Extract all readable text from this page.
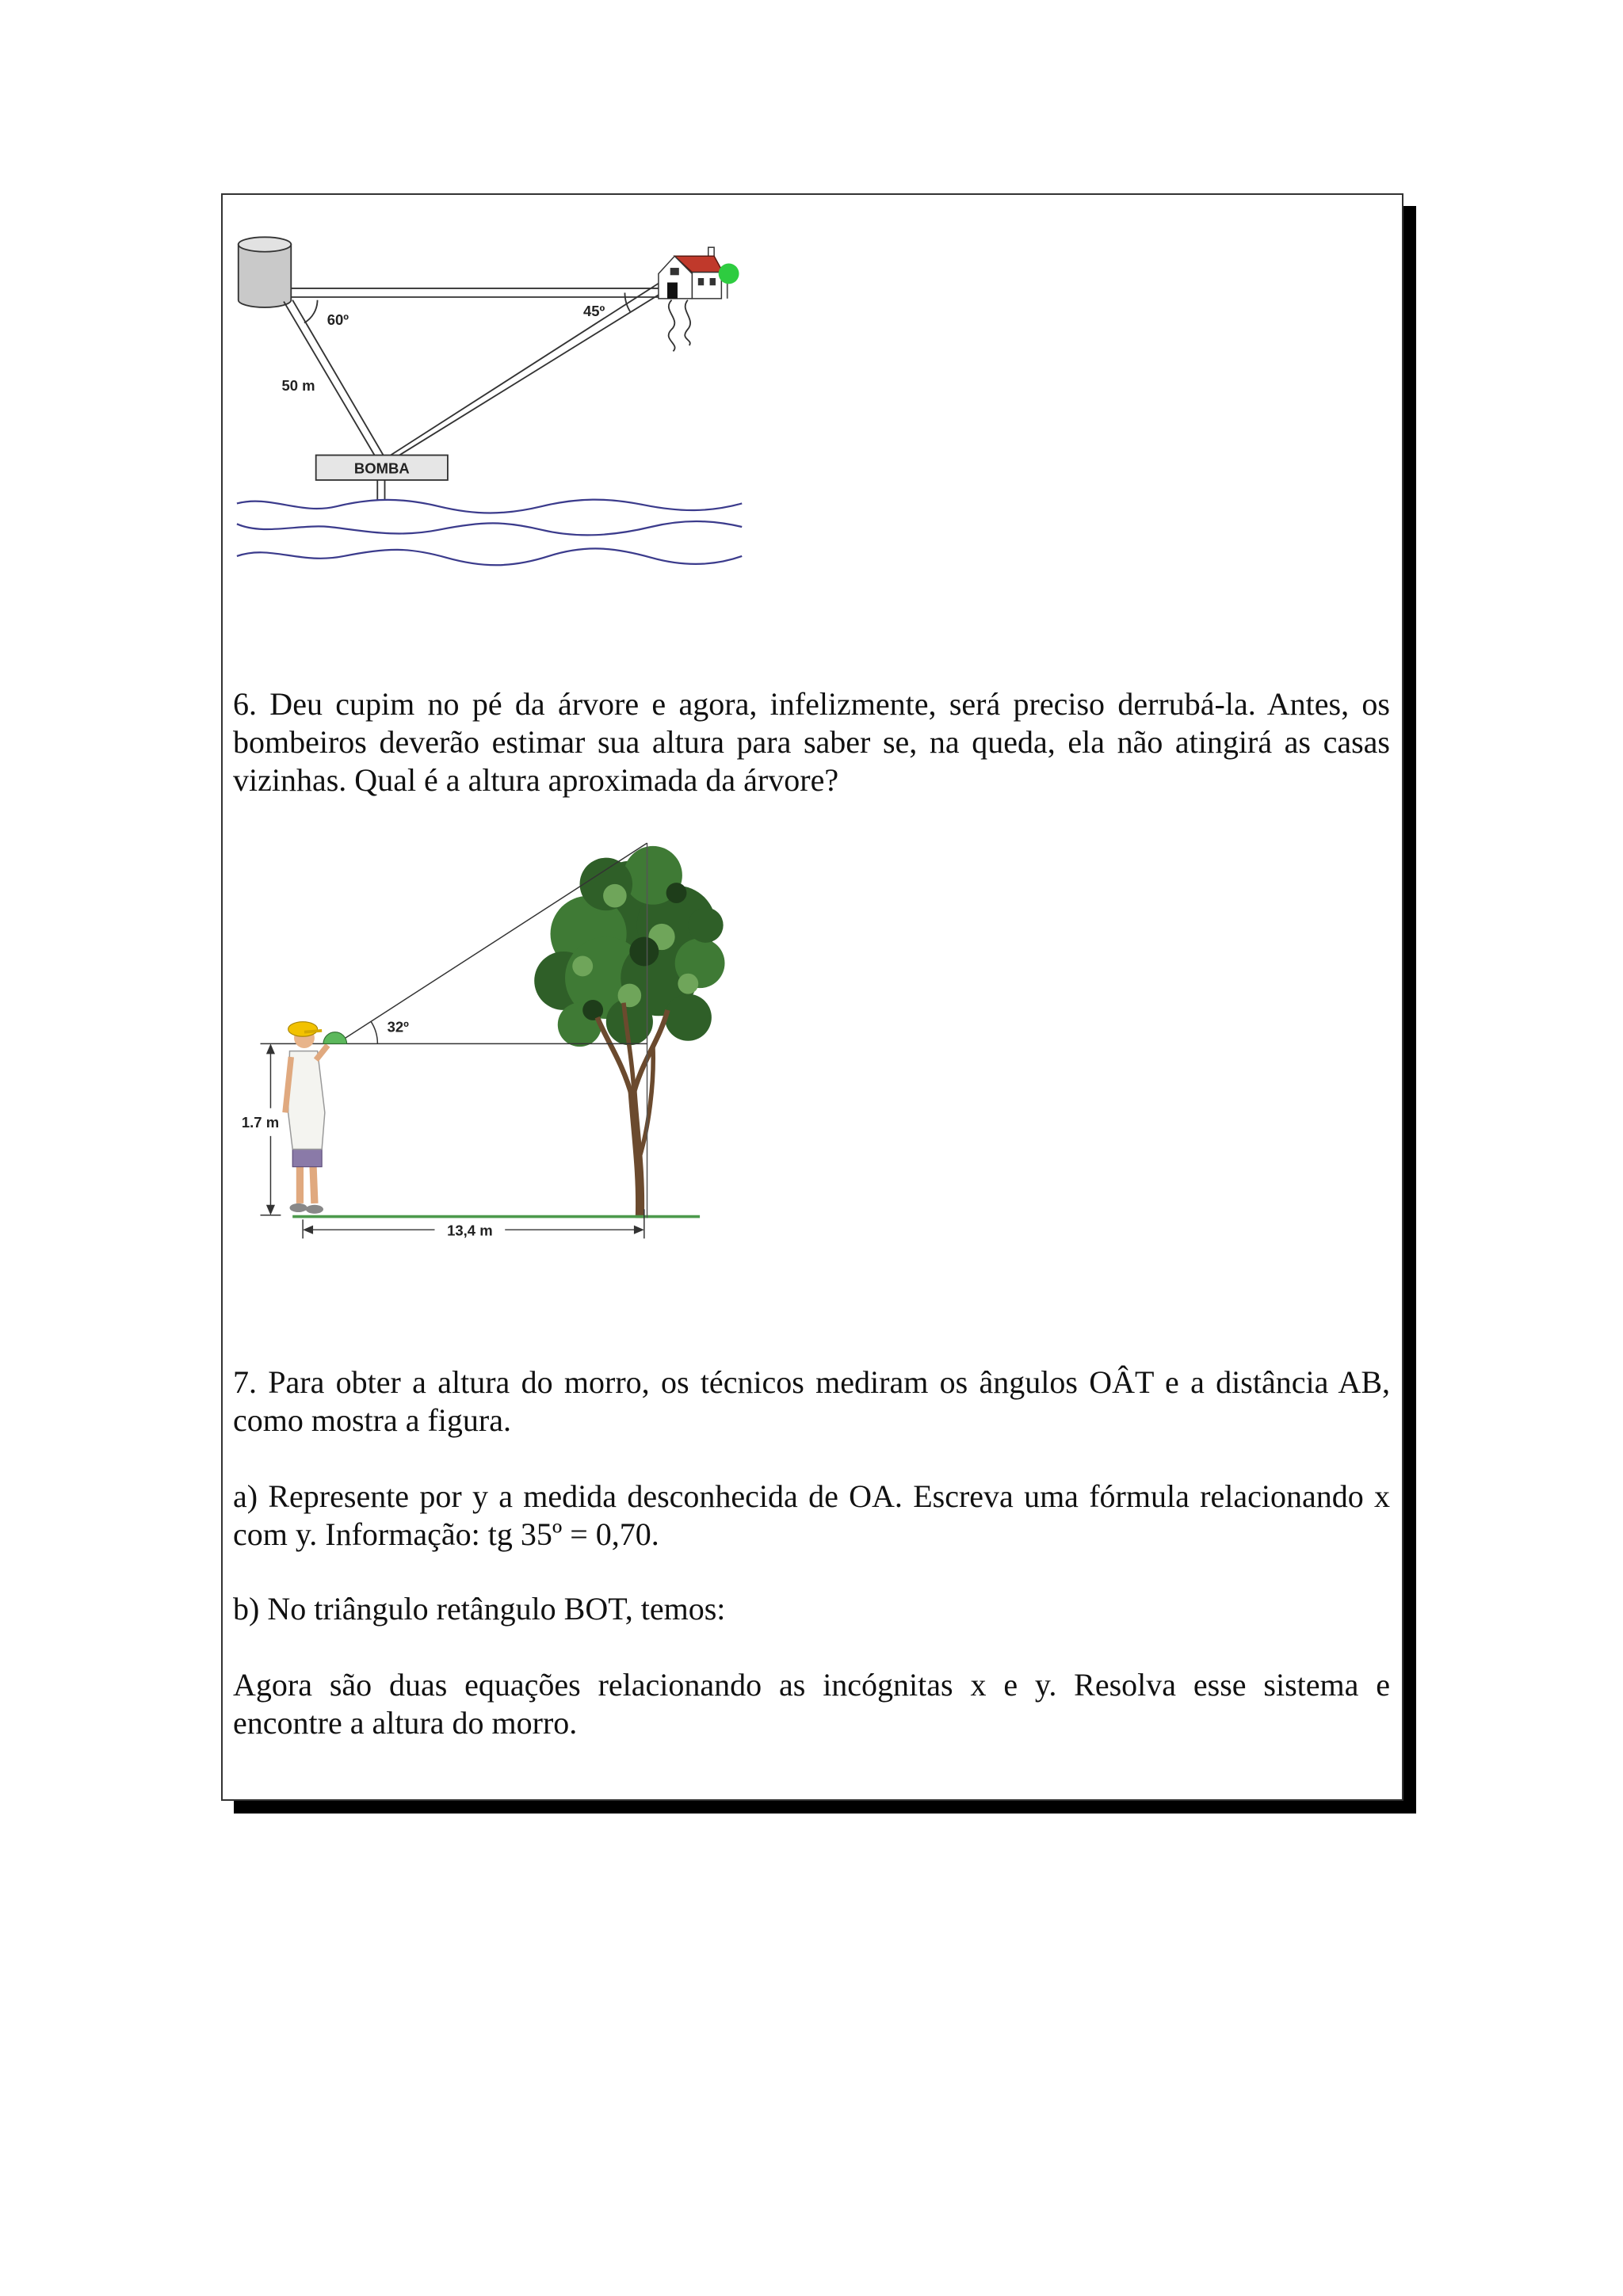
60º
45º
50 m
BOMBA
6. Deu cupim no pé da árvore e agora, infelizmente, será preciso derrubá-la. Antes, os
bombeiros deverão estimar sua altura para saber se, na queda, ela não atingirá as casas
vizinhas. Qual é a altura aproximada da árvore?
32º
1.7 m
13,4 m
7. Para obter a altura do morro, os técnicos mediram os ângulos OÂT e a distância AB,
como mostra a figura.
a) Represente por y a medida desconhecida de OA. Escreva uma fórmula relacionando x
com y. Informação: tg 35º = 0,70.
b) No triângulo retângulo BOT, temos:
Agora são duas equações relacionando as incógnitas x e y. Resolva esse sistema e
encontre a altura do morro.
